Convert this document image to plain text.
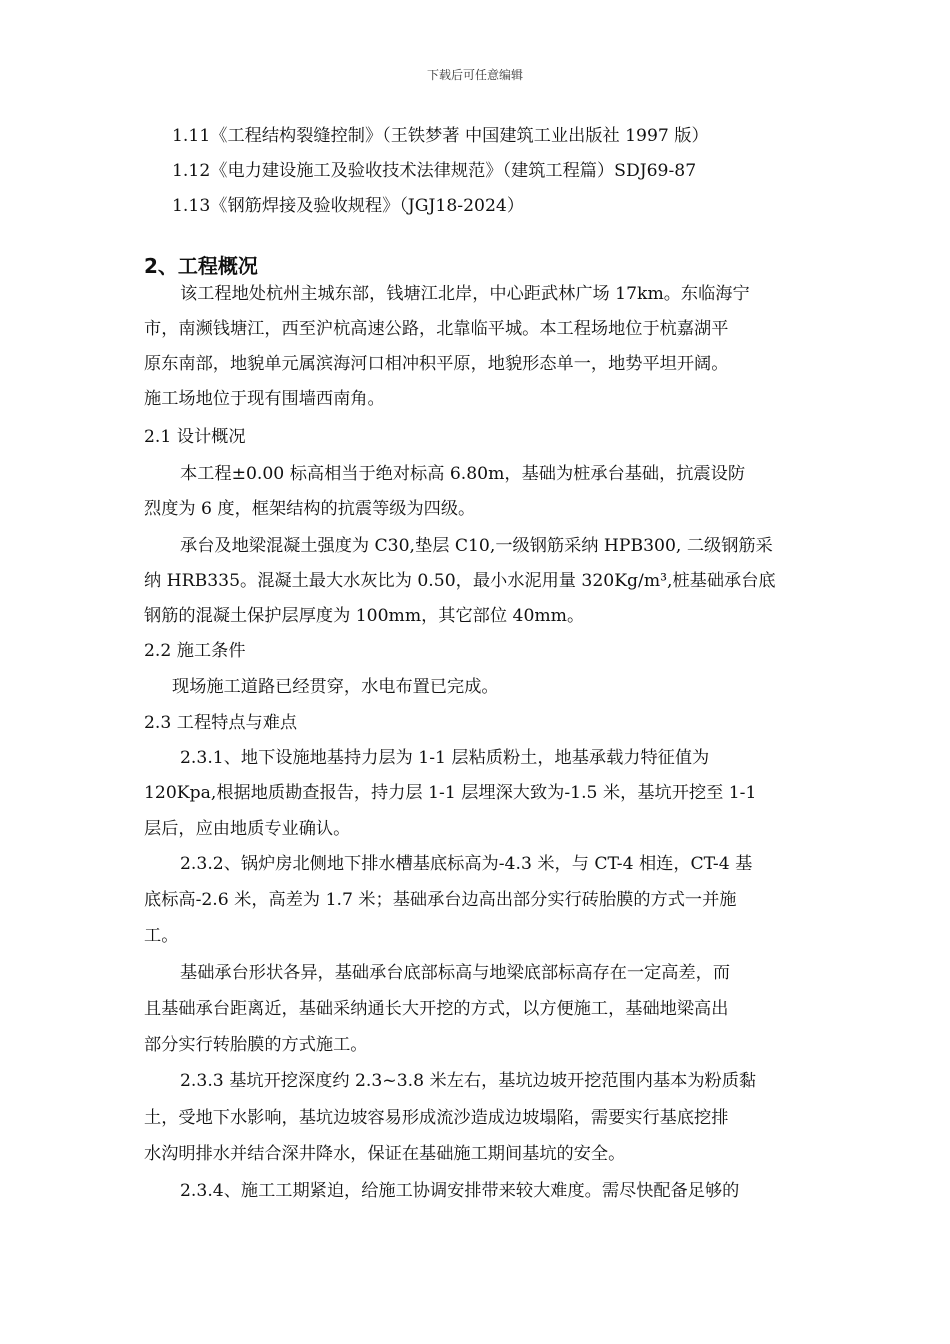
下载后可任意编辑
1.11《工程结构裂缝控制》（王铁梦著 中国建筑工业出版社 1997 版）
1.12《电力建设施工及验收技术法律规范》（建筑工程篇）SDJ69-87
1.13《钢筋焊接及验收规程》（JGJ18-2024）
2、工程概况
该工程地处杭州主城东部，钱塘江北岸，中心距武林广场 17km。东临海宁
市，南濒钱塘江，西至沪杭高速公路，北靠临平城。本工程场地位于杭嘉湖平
原东南部，地貌单元属滨海河口相冲积平原，地貌形态单一，地势平坦开阔。
施工场地位于现有围墙西南角。
2.1 设计概况
本工程±0.00 标高相当于绝对标高 6.80m，基础为桩承台基础，抗震设防
烈度为 6 度，框架结构的抗震等级为四级。
承台及地梁混凝土强度为 C30,垫层 C10,一级钢筋采纳 HPB300, 二级钢筋采
纳 HRB335。混凝土最大水灰比为 0.50，最小水泥用量 320Kg/m³,桩基础承台底
钢筋的混凝土保护层厚度为 100mm，其它部位 40mm。
2.2 施工条件
现场施工道路已经贯穿，水电布置已完成。
2.3 工程特点与难点
2.3.1、地下设施地基持力层为 1-1 层粘质粉土，地基承载力特征值为
120Kpa,根据地质勘查报告，持力层 1-1 层埋深大致为-1.5 米，基坑开挖至 1-1
层后，应由地质专业确认。
2.3.2、锅炉房北侧地下排水槽基底标高为-4.3 米，与 CT-4 相连，CT-4 基
底标高-2.6 米，高差为 1.7 米；基础承台边高出部分实行砖胎膜的方式一并施
工。
基础承台形状各异，基础承台底部标高与地梁底部标高存在一定高差，而
且基础承台距离近，基础采纳通长大开挖的方式，以方便施工，基础地梁高出
部分实行转胎膜的方式施工。
2.3.3 基坑开挖深度约 2.3~3.8 米左右，基坑边坡开挖范围内基本为粉质黏
土，受地下水影响，基坑边坡容易形成流沙造成边坡塌陷，需要实行基底挖排
水沟明排水并结合深井降水，保证在基础施工期间基坑的安全。
2.3.4、施工工期紧迫，给施工协调安排带来较大难度。需尽快配备足够的
